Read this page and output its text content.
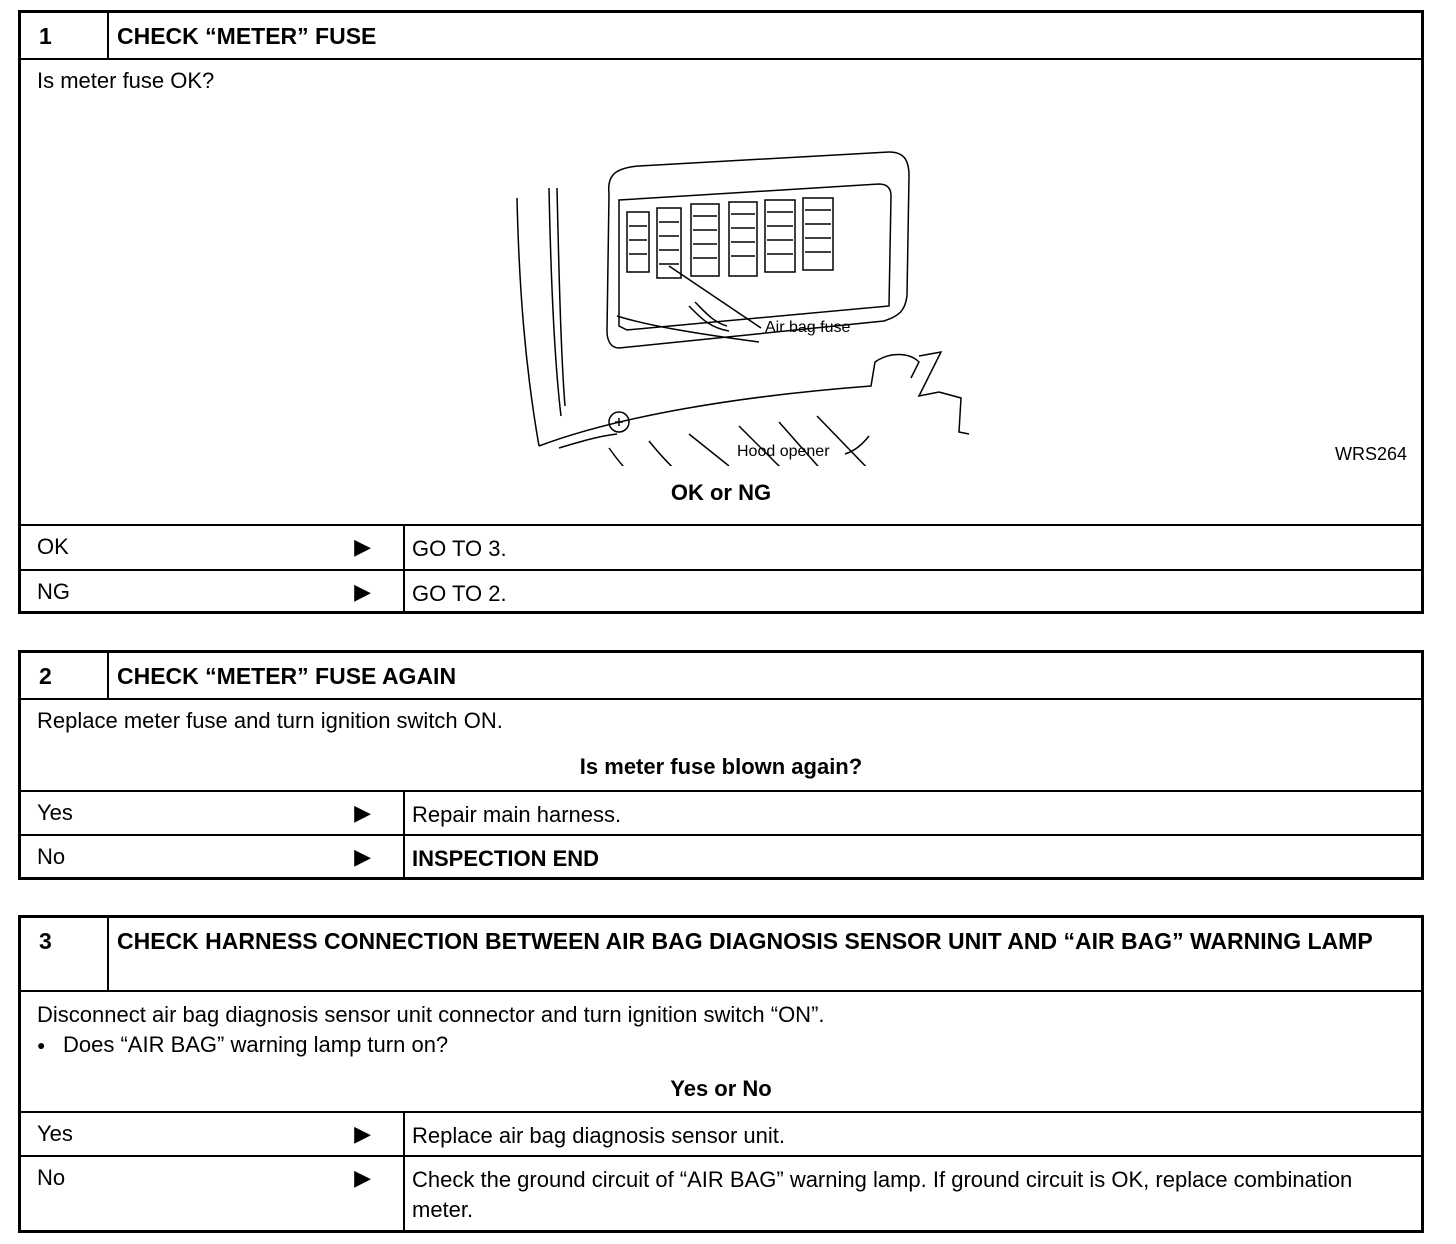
1	CHECK “METER” FUSE
Is meter fuse OK?
Air bag fuse
Hood opener	WRS264
OK or NG
OK	▶	GO TO 3.
NG	▶	GO TO 2.
2	CHECK “METER” FUSE AGAIN
Replace meter fuse and turn ignition switch ON.
Is meter fuse blown again?
Yes	▶	Repair main harness.
No	▶	INSPECTION END
3	CHECK HARNESS CONNECTION BETWEEN AIR BAG DIAGNOSIS SENSOR UNIT AND “AIR BAG” WARNING LAMP
Disconnect air bag diagnosis sensor unit connector and turn ignition switch “ON”.
● Does “AIR BAG” warning lamp turn on?
Yes or No
Yes	▶	Replace air bag diagnosis sensor unit.
No	▶	Check the ground circuit of “AIR BAG” warning lamp. If ground circuit is OK, replace combination meter.
